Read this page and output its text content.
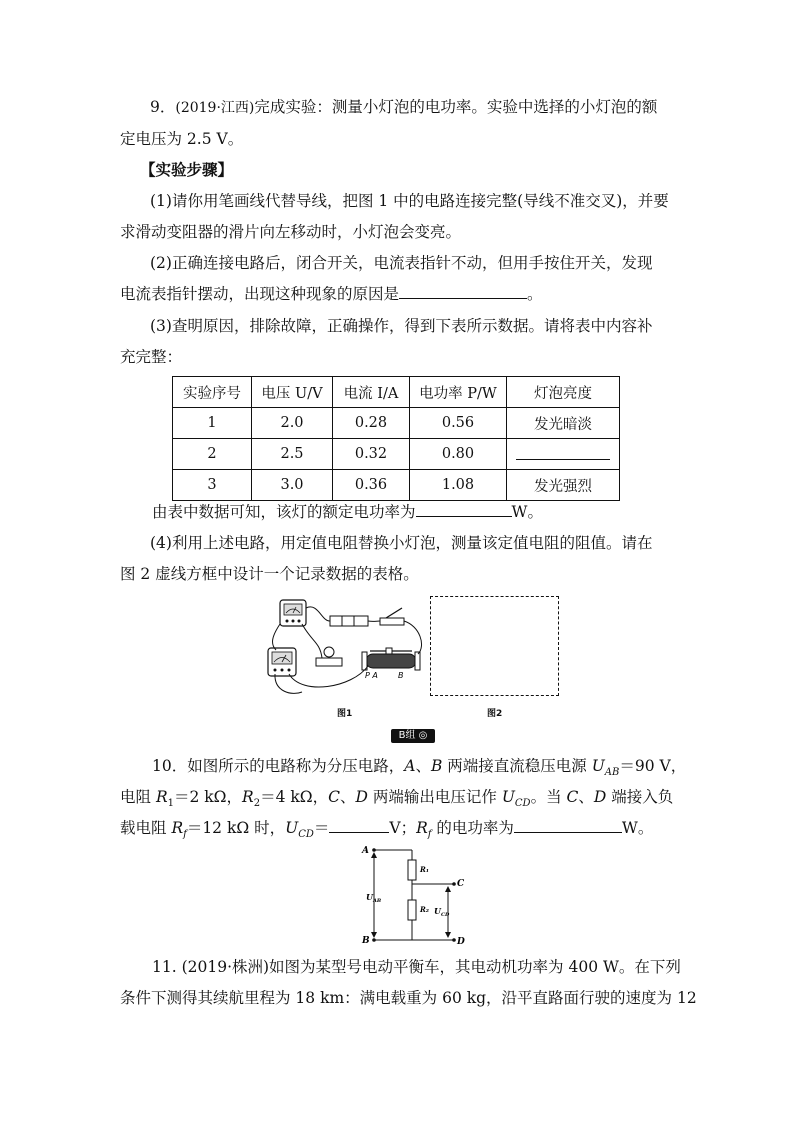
9．(2019·江西)完成实验：测量小灯泡的电功率。实验中选择的小灯泡的额
定电压为 2.5 V。
【实验步骤】
(1)请你用笔画线代替导线，把图 1 中的电路连接完整(导线不准交叉)，并要
求滑动变阻器的滑片向左移动时，小灯泡会变亮。
(2)正确连接电路后，闭合开关，电流表指针不动，但用手按住开关，发现
电流表指针摆动，出现这种现象的原因是	。
(3)查明原因，排除故障，正确操作，得到下表所示数据。请将表中内容补
充完整：
实验序号	电压 U/V	电流 I/A	电功率 P/W	灯泡亮度
1	2.0	0.28	0.56	发光暗淡
2	2.5	0.32	0.80	
3	3.0	0.36	1.08	发光强烈
由表中数据可知，该灯的额定电功率为	W。
(4)利用上述电路，用定值电阻替换小灯泡，测量该定值电阻的阻值。请在
图 2 虚线方框中设计一个记录数据的表格。
P A	B
图1	图2
B组 ◎
10．如图所示的电路称为分压电路，A、B 两端接直流稳压电源 $U_{AB}=90$ V，
电阻 $R_1=2$ kΩ，$R_2=4$ kΩ，C、D 两端输出电压记作 $U_{CD}$。当 C、D 端接入负
载电阻 $R_f=12$ kΩ 时，$U_{CD}=$	V；$R_f$ 的电功率为	W。
A
B
C
D
R₁
R₂
$U_{AB}$
$U_{CD}$
11. (2019·株洲)如图为某型号电动平衡车，其电动机功率为 400 W。在下列
条件下测得其续航里程为 18 km：满电载重为 60 kg，沿平直路面行驶的速度为 12
